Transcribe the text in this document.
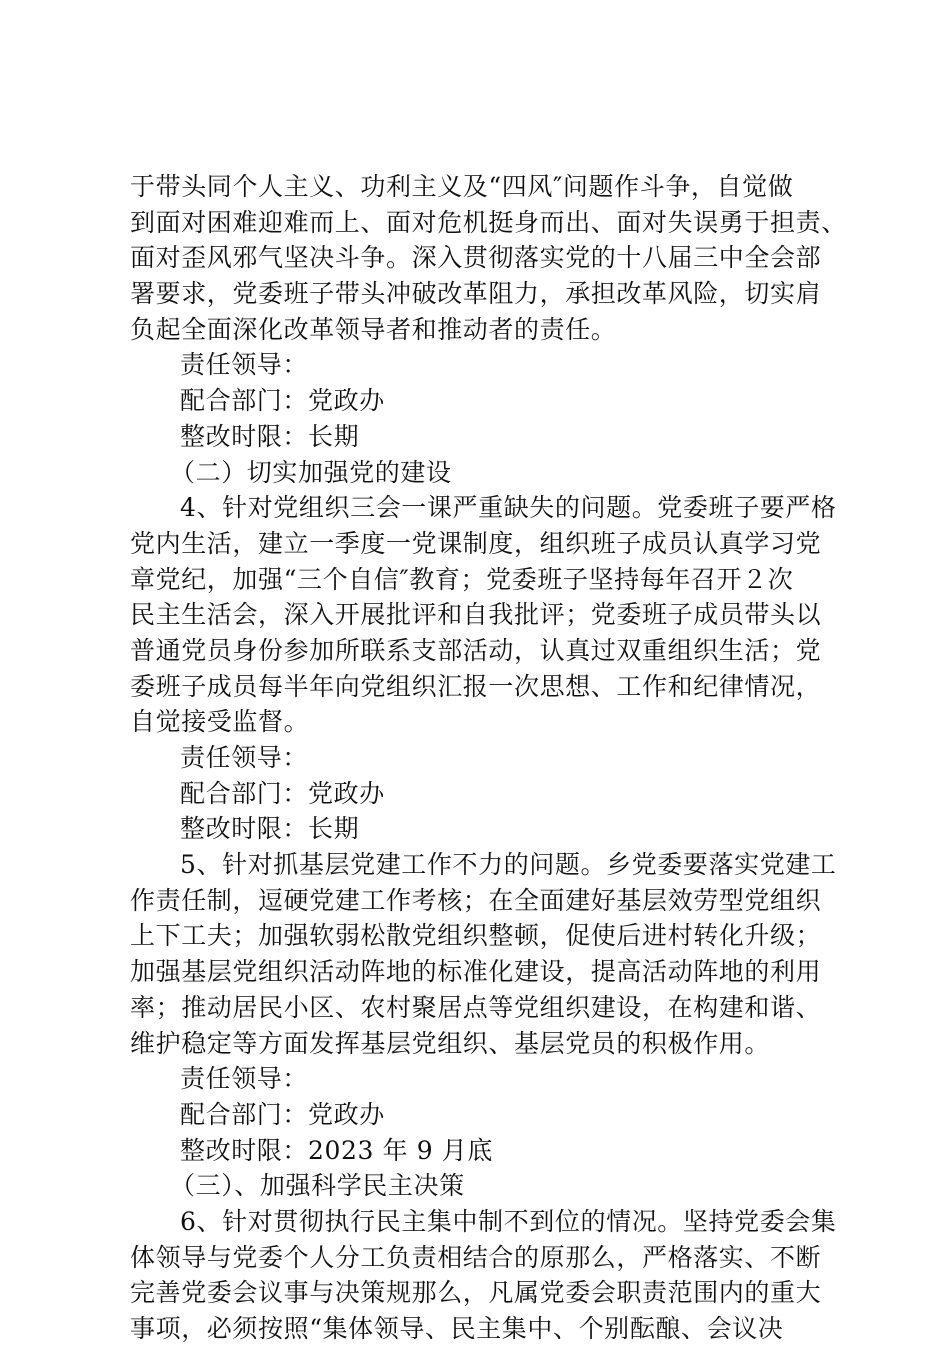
于带头同个人主义、功利主义及“四风″问题作斗争，自觉做
到面对困难迎难而上、面对危机挺身而出、面对失误勇于担责、
面对歪风邪气坚决斗争。深入贯彻落实党的十八届三中全会部
署要求，党委班子带头冲破改革阻力，承担改革风险，切实肩
负起全面深化改革领导者和推动者的责任。
责任领导：
配合部门：党政办
整改时限：长期
（二）切实加强党的建设
4、针对党组织三会一课严重缺失的问题。党委班子要严格
党内生活，建立一季度一党课制度，组织班子成员认真学习党
章党纪，加强“三个自信″教育；党委班子坚持每年召开２次
民主生活会，深入开展批评和自我批评；党委班子成员带头以
普通党员身份参加所联系支部活动，认真过双重组织生活；党
委班子成员每半年向党组织汇报一次思想、工作和纪律情况，
自觉接受监督。
责任领导：
配合部门：党政办
整改时限：长期
5、针对抓基层党建工作不力的问题。乡党委要落实党建工
作责任制，逗硬党建工作考核；在全面建好基层效劳型党组织
上下工夫；加强软弱松散党组织整顿，促使后进村转化升级；
加强基层党组织活动阵地的标准化建设，提高活动阵地的利用
率；推动居民小区、农村聚居点等党组织建设，在构建和谐、
维护稳定等方面发挥基层党组织、基层党员的积极作用。
责任领导：
配合部门：党政办
整改时限：2023 年 9 月底
（三）、加强科学民主决策
6、针对贯彻执行民主集中制不到位的情况。坚持党委会集
体领导与党委个人分工负责相结合的原那么，严格落实、不断
完善党委会议事与决策规那么，凡属党委会职责范围内的重大
事项，必须按照“集体领导、民主集中、个别酝酿、会议决
